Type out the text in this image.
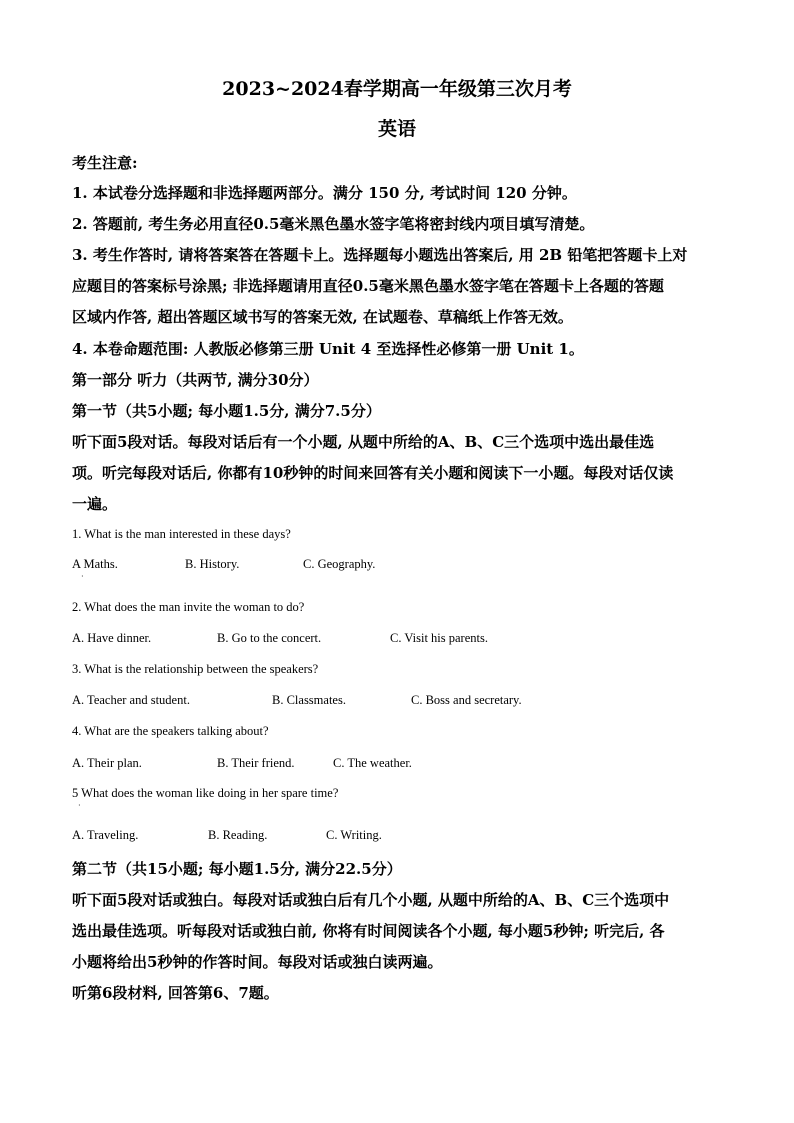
2023~2024春学期高一年级第三次月考
英语
考生注意:
1. 本试卷分选择题和非选择题两部分。满分 150 分, 考试时间 120 分钟。
2. 答题前, 考生务必用直径0.5毫米黑色墨水签字笔将密封线内项目填写清楚。
3. 考生作答时, 请将答案答在答题卡上。选择题每小题选出答案后, 用 2B 铅笔把答题卡上对
应题目的答案标号涂黑; 非选择题请用直径0.5毫米黑色墨水签字笔在答题卡上各题的答题
区域内作答, 超出答题区域书写的答案无效, 在试题卷、草稿纸上作答无效。
4. 本卷命题范围: 人教版必修第三册 Unit 4 至选择性必修第一册 Unit 1。
第一部分 听力（共两节, 满分30分）
第一节（共5小题; 每小题1.5分, 满分7.5分）
听下面5段对话。每段对话后有一个小题, 从题中所给的A、B、C三个选项中选出最佳选
项。听完每段对话后, 你都有10秒钟的时间来回答有关小题和阅读下一小题。每段对话仅读
一遍。
1. What is the man interested in these days?
A Maths.
·
B. History.	C. Geography.
2. What does the man invite the woman to do?
A. Have dinner.	B. Go to the concert.	C. Visit his parents.
3. What is the relationship between the speakers?
A. Teacher and student.	B. Classmates.	C. Boss and secretary.
4. What are the speakers talking about?
A. Their plan.	B. Their friend.	C. The weather.
5 What does the woman like doing in her spare time?
·
A. Traveling.	B. Reading.	C. Writing.
第二节（共15小题; 每小题1.5分, 满分22.5分）
听下面5段对话或独白。每段对话或独白后有几个小题, 从题中所给的A、B、C三个选项中
选出最佳选项。听每段对话或独白前, 你将有时间阅读各个小题, 每小题5秒钟; 听完后, 各
小题将给出5秒钟的作答时间。每段对话或独白读两遍。
听第6段材料, 回答第6、7题。
